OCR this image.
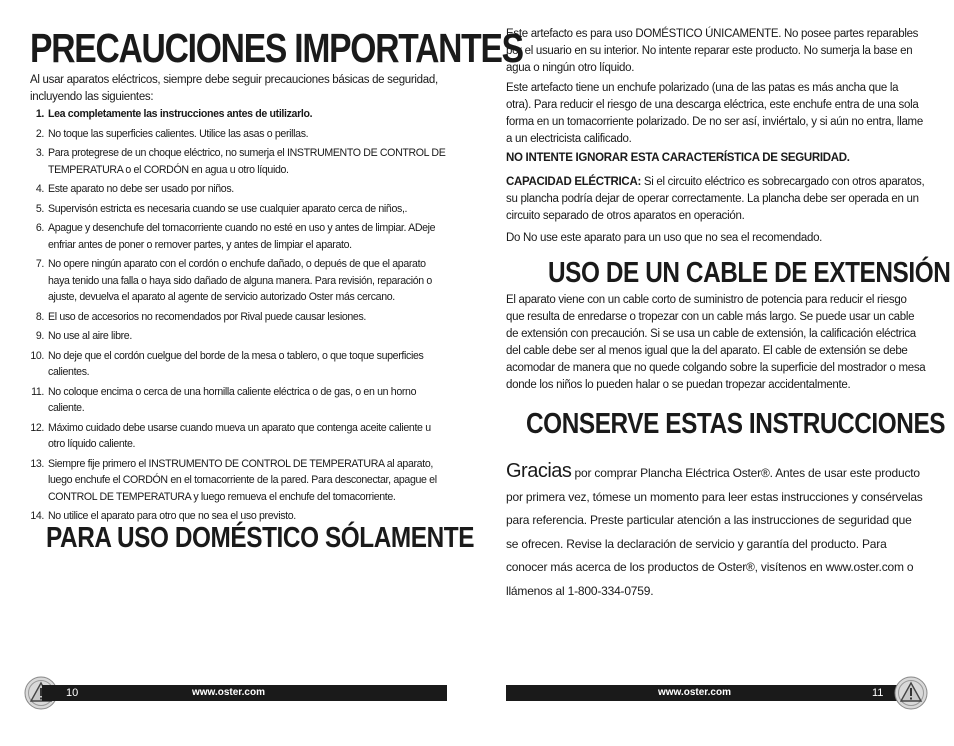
PRECAUCIONES IMPORTANTES
Al usar aparatos eléctricos, siempre debe seguir precauciones básicas de seguridad, incluyendo las siguientes:
1 . Lea completamente las instrucciones antes de utilizarlo.
2 . No toque las superficies calientes. Utilice las asas o perillas.
3 . Para protegrese de un choque eléctrico, no sumerja el INSTRUMENTO DE CONTROL DE TEMPERATURA o el CORDÓN en agua u otro líquido.
4 . Este aparato no debe ser usado por niños.
5 . Supervisón estricta es necesaria cuando se use cualquier aparato cerca de niños,.
6 . Apague y desenchufe del tomacorriente cuando no esté en uso y antes de limpiar. ADeje enfriar antes de poner o remover partes, y antes de limpiar el aparato.
7 . No opere ningún aparato con el cordón o enchufe dañado, o depués de que el aparato haya tenido una falla o haya sido dañado de alguna manera. Para revisión, reparación o ajuste, devuelva el aparato al agente de servicio autorizado Oster más cercano.
8 . El uso de accesorios no recomendados por Rival puede causar lesiones.
9 . No use al aire libre.
10 . No deje que el cordón cuelgue del borde de la mesa o tablero, o que toque superficies calientes.
11 . No coloque encima o cerca de una hornilla caliente eléctrica o de gas, o en un horno caliente.
12 . Máximo cuidado debe usarse cuando mueva un aparato que contenga aceite caliente u otro líquido caliente.
13 . Siempre fije primero el INSTRUMENTO DE CONTROL DE TEMPERATURA al aparato, luego enchufe el CORDÓN en el tomacorriente de la pared. Para desconectar, apague el CONTROL DE TEMPERATURA y luego remueva el enchufe del tomacorriente.
14 . No utilice el aparato para otro que no sea el uso previsto.
PARA USO DOMÉSTICO SÓLAMENTE
10	www.oster.com

Este artefacto es para uso DOMÉSTICO ÚNICAMENTE. No posee partes reparables por el usuario en su interior. No intente reparar este producto. No sumerja la base en agua o ningún otro líquido.

Este artefacto tiene un enchufe polarizado (una de las patas es más ancha que la otra). Para reducir el riesgo de una descarga eléctrica, este enchufe entra de una sola forma en un tomacorriente polarizado. De no ser así, inviértalo, y si aún no entra, llame a un electricista calificado.

NO INTENTE IGNORAR ESTA CARACTERÍSTICA DE SEGURIDAD.

CAPACIDAD ELÉCTRICA: Si el circuito eléctrico es sobrecargado con otros aparatos, su plancha podría dejar de operar correctamente. La plancha debe ser operada en un circuito separado de otros aparatos en operación.

Do No use este aparato para un uso que no sea el recomendado.

USO DE UN CABLE DE EXTENSIÓN

El aparato viene con un cable corto de suministro de potencia para reducir el riesgo que resulta de enredarse o tropezar con un cable más largo. Se puede usar un cable de extensión con precaución. Si se usa un cable de extensión, la calificación eléctrica del cable debe ser al menos igual que la del aparato. El cable de extensión se debe acomodar de manera que no quede colgando sobre la superficie del mostrador o mesa donde los niños lo pueden halar o se puedan tropezar accidentalmente.

CONSERVE ESTAS INSTRUCCIONES
Gracias por comprar Plancha Eléctrica Oster®. Antes de usar este producto por primera vez, tómese un momento para leer estas instrucciones y consérvelas para referencia. Preste particular atención a las instrucciones de seguridad que se ofrecen. Revise la declaración de servicio y garantía del producto. Para conocer más acerca de los productos de Oster®, visítenos en www.oster.com o llámenos al 1-800-334-0759.
www.oster.com	11
